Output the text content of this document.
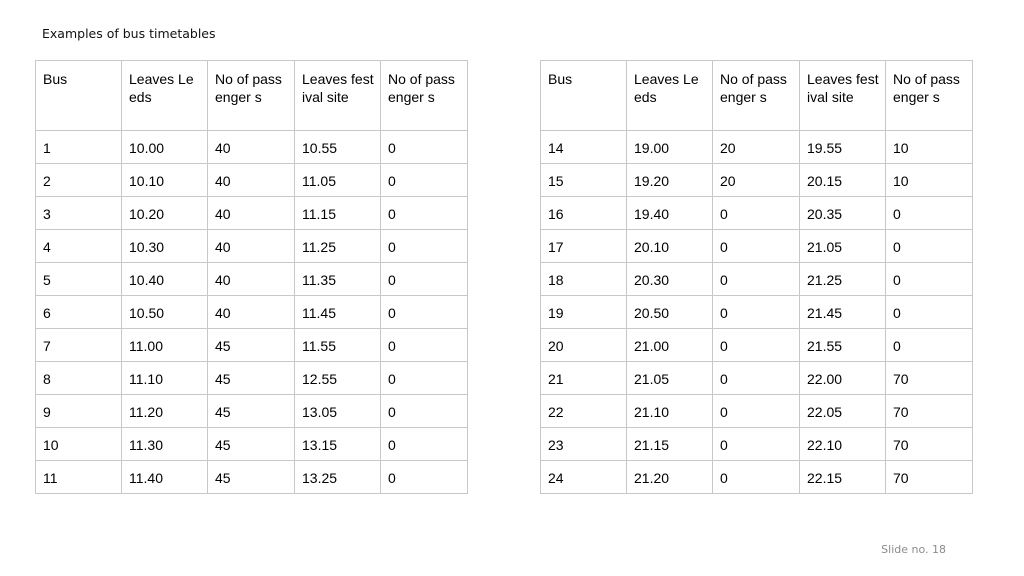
Examples of bus timetables
Bus	Leaves Leeds	No of passenger s	Leaves festival site	No of passenger s
1	10.00	40	10.55	0
2	10.10	40	11.05	0
3	10.20	40	11.15	0
4	10.30	40	11.25	0
5	10.40	40	11.35	0
6	10.50	40	11.45	0
7	11.00	45	11.55	0
8	11.10	45	12.55	0
9	11.20	45	13.05	0
10	11.30	45	13.15	0
11	11.40	45	13.25	0
Bus	Leaves Leeds	No of passenger s	Leaves festival site	No of passenger s
14	19.00	20	19.55	10
15	19.20	20	20.15	10
16	19.40	0	20.35	0
17	20.10	0	21.05	0
18	20.30	0	21.25	0
19	20.50	0	21.45	0
20	21.00	0	21.55	0
21	21.05	0	22.00	70
22	21.10	0	22.05	70
23	21.15	0	22.10	70
24	21.20	0	22.15	70
Slide no. 18
